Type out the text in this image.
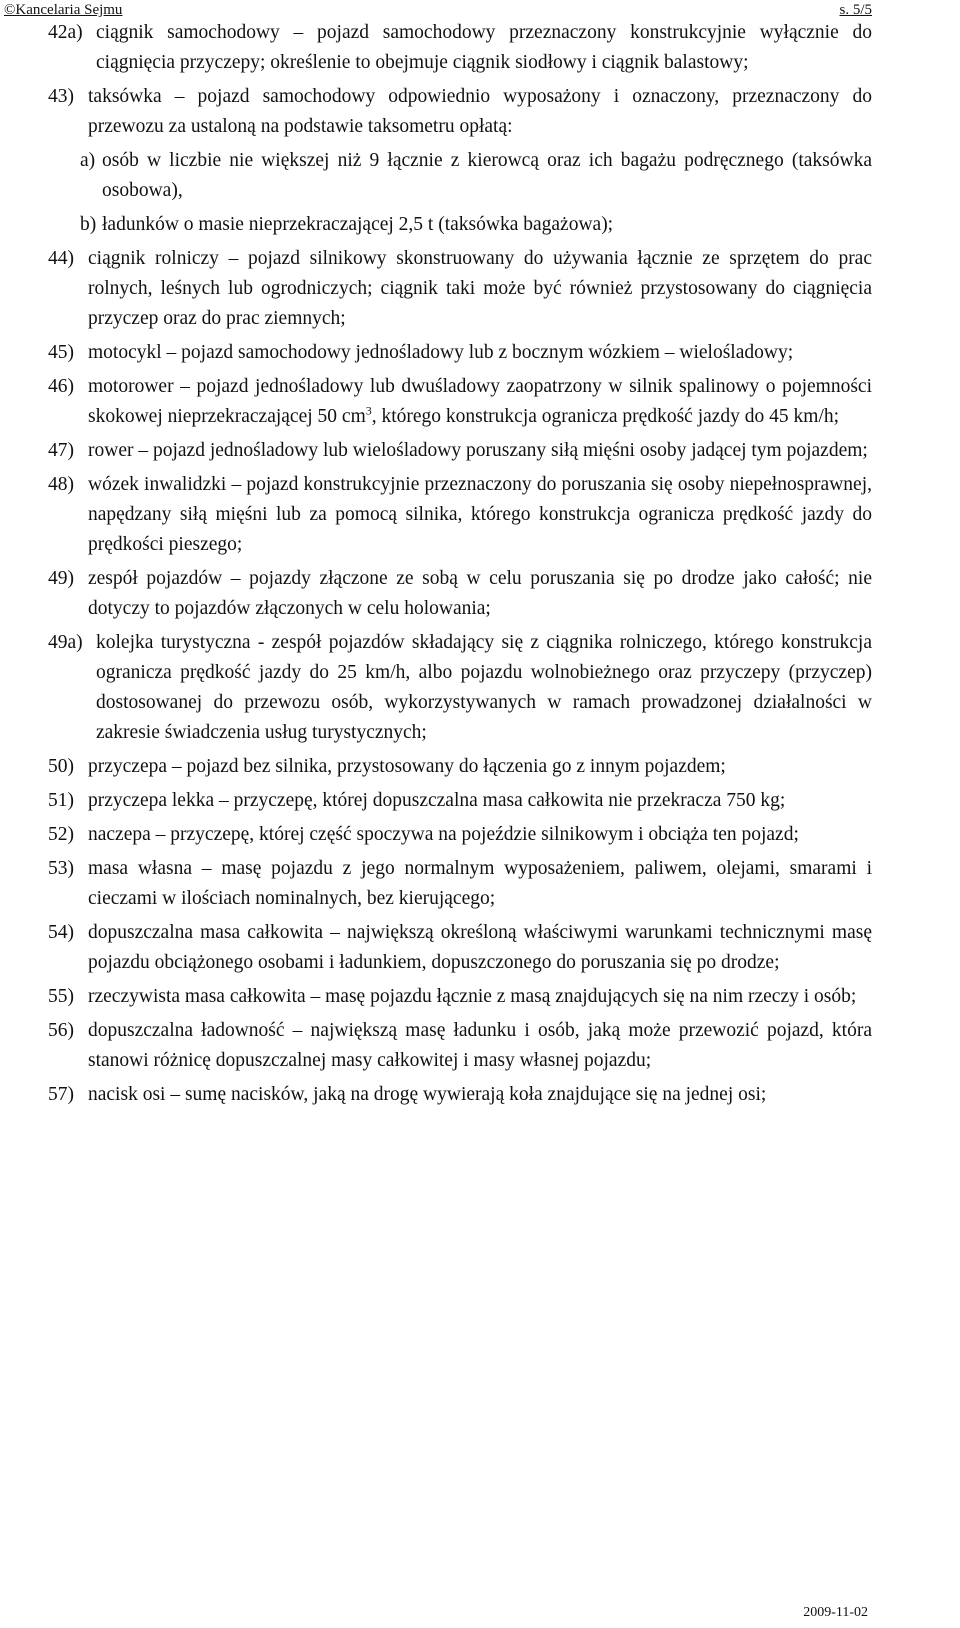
©Kancelaria Sejmu	s. 5/5
42a) ciągnik samochodowy – pojazd samochodowy przeznaczony konstrukcyjnie wyłącznie do ciągnięcia przyczepy; określenie to obejmuje ciągnik siodłowy i ciągnik balastowy;
43) taksówka – pojazd samochodowy odpowiednio wyposażony i oznaczony, przeznaczony do przewozu za ustaloną na podstawie taksometru opłatą:
a) osób w liczbie nie większej niż 9 łącznie z kierowcą oraz ich bagażu podręcznego (taksówka osobowa),
b) ładunków o masie nieprzekraczającej 2,5 t (taksówka bagażowa);
44) ciągnik rolniczy – pojazd silnikowy skonstruowany do używania łącznie ze sprzętem do prac rolnych, leśnych lub ogrodniczych; ciągnik taki może być również przystosowany do ciągnięcia przyczep oraz do prac ziemnych;
45) motocykl – pojazd samochodowy jednośladowy lub z bocznym wózkiem – wielośladowy;
46) motorower – pojazd jednośladowy lub dwuśladowy zaopatrzony w silnik spalinowy o pojemności skokowej nieprzekraczającej 50 $cm^3$, którego konstrukcja ogranicza prędkość jazdy do 45 km/h;
47) rower – pojazd jednośladowy lub wielośladowy poruszany siłą mięśni osoby jadącej tym pojazdem;
48) wózek inwalidzki – pojazd konstrukcyjnie przeznaczony do poruszania się osoby niepełnosprawnej, napędzany siłą mięśni lub za pomocą silnika, którego konstrukcja ogranicza prędkość jazdy do prędkości pieszego;
49) zespół pojazdów – pojazdy złączone ze sobą w celu poruszania się po drodze jako całość; nie dotyczy to pojazdów złączonych w celu holowania;
49a) kolejka turystyczna - zespół pojazdów składający się z ciągnika rolniczego, którego konstrukcja ogranicza prędkość jazdy do 25 km/h, albo pojazdu wolnobieżnego oraz przyczepy (przyczep) dostosowanej do przewozu osób, wykorzystywanych w ramach prowadzonej działalności w zakresie świadczenia usług turystycznych;
50) przyczepa – pojazd bez silnika, przystosowany do łączenia go z innym pojazdem;
51) przyczepa lekka – przyczepę, której dopuszczalna masa całkowita nie przekracza 750 kg;
52) naczepa – przyczepę, której część spoczywa na pojeździe silnikowym i obciąża ten pojazd;
53) masa własna – masę pojazdu z jego normalnym wyposażeniem, paliwem, olejami, smarami i cieczami w ilościach nominalnych, bez kierującego;
54) dopuszczalna masa całkowita – największą określoną właściwymi warunkami technicznymi masę pojazdu obciążonego osobami i ładunkiem, dopuszczonego do poruszania się po drodze;
55) rzeczywista masa całkowita – masę pojazdu łącznie z masą znajdujących się na nim rzeczy i osób;
56) dopuszczalna ładowność – największą masę ładunku i osób, jaką może przewozić pojazd, która stanowi różnicę dopuszczalnej masy całkowitej i masy własnej pojazdu;
57) nacisk osi – sumę nacisków, jaką na drogę wywierają koła znajdujące się na jednej osi;
2009-11-02
